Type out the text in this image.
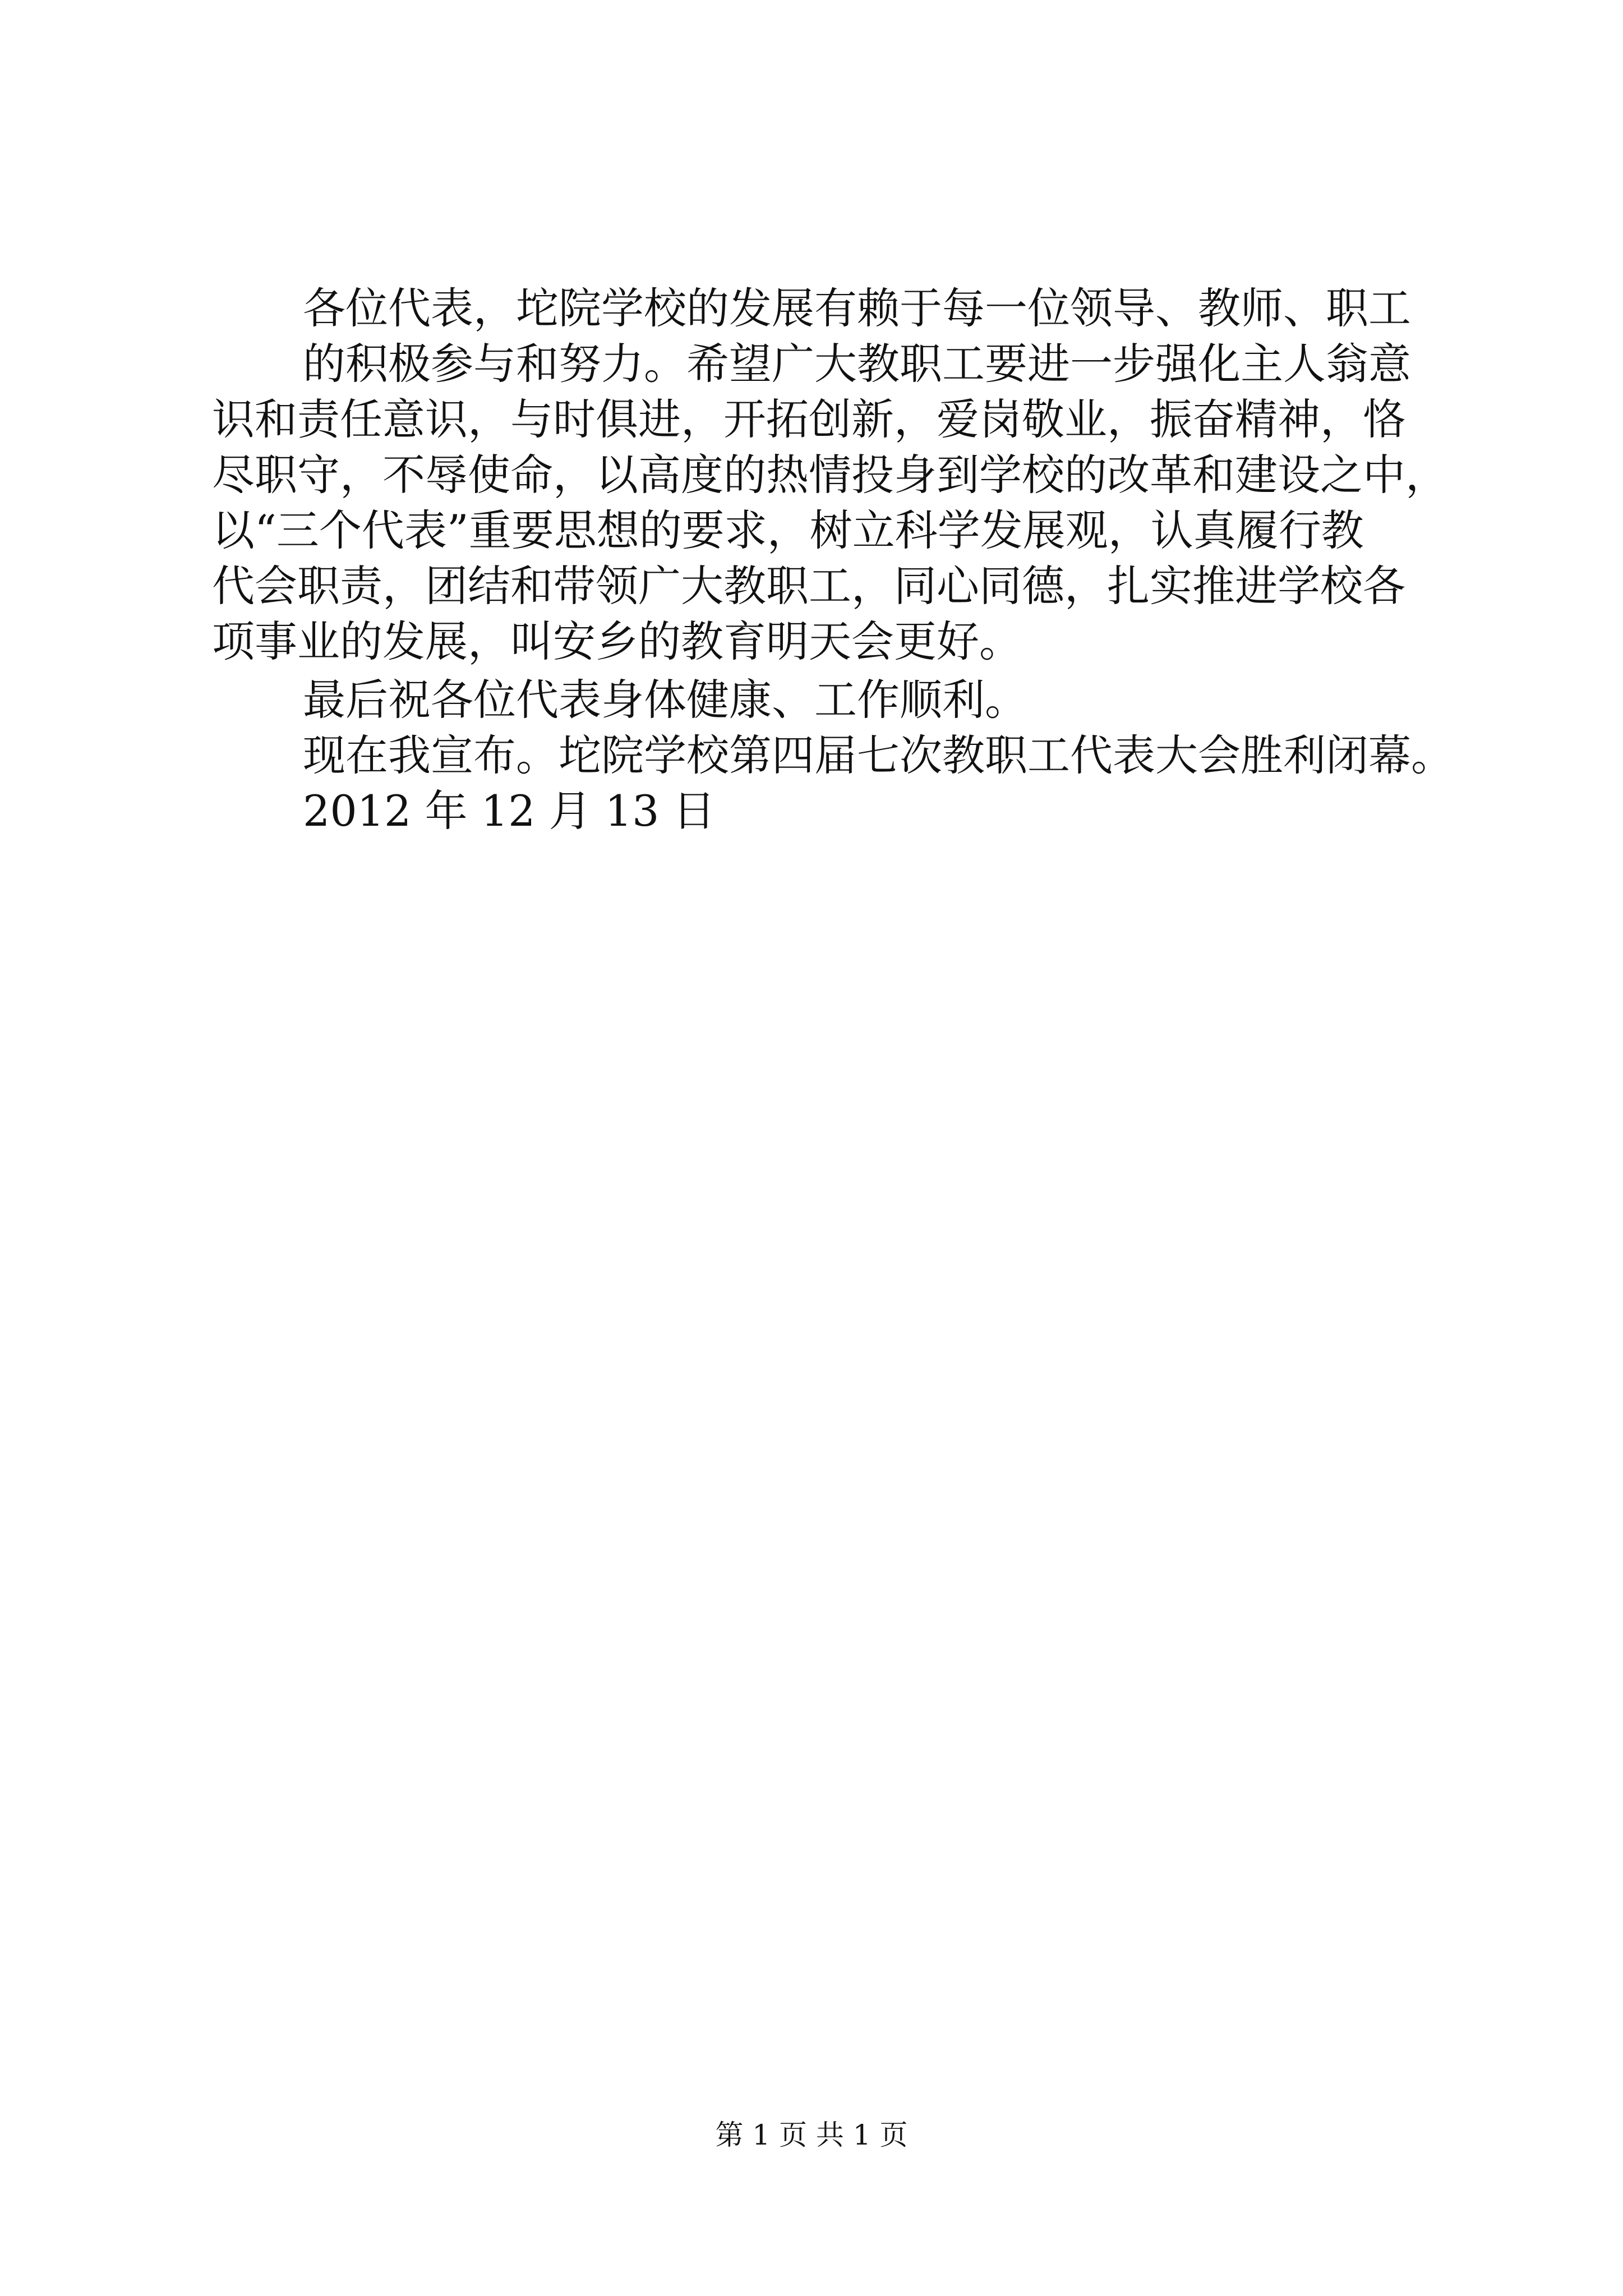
各位代表，坨院学校的发展有赖于每一位领导、教师、职工
的积极参与和努力。希望广大教职工要进一步强化主人翁意
识和责任意识，与时俱进，开拓创新，爱岗敬业，振奋精神，恪
尽职守，不辱使命，以高度的热情投身到学校的改革和建设之中，
以“三个代表”重要思想的要求，树立科学发展观，认真履行教
代会职责，团结和带领广大教职工，同心同德，扎实推进学校各
项事业的发展，叫安乡的教育明天会更好。
最后祝各位代表身体健康、工作顺利。
现在我宣布。坨院学校第四届七次教职工代表大会胜利闭幕。
2012 年 12 月 13 日
第 1 页 共 1 页
